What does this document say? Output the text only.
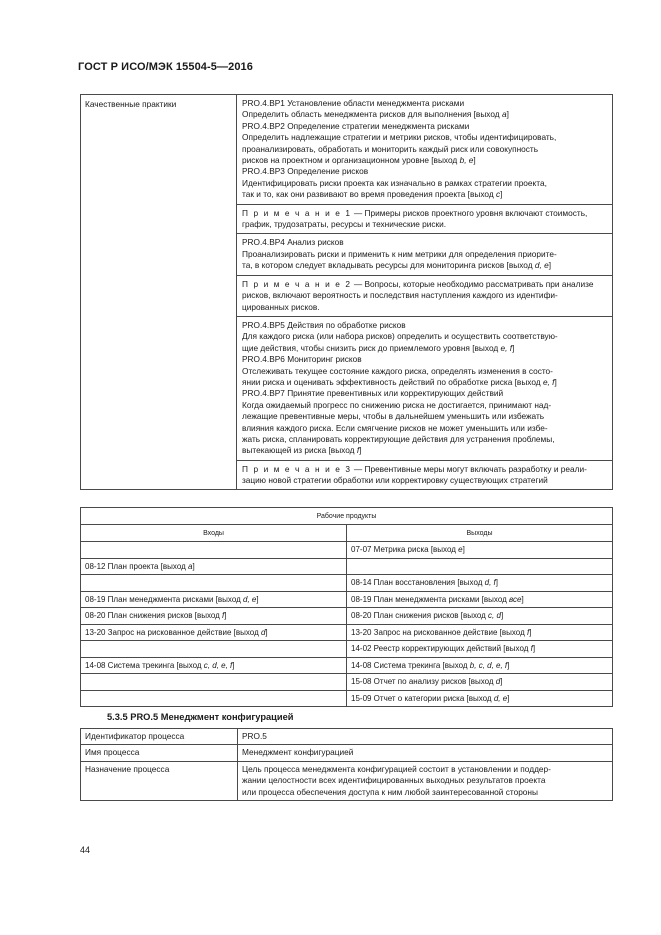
ГОСТ Р ИСО/МЭК 15504-5—2016
Качественные практики	PRO.4.BP1 Установление области менеджмента рисками

Определить область менеджмента рисков для выполнения [выход a]

PRO.4.BP2 Определение стратегии менеджмента рисками

Определить надлежащие стратегии и метрики рисков, чтобы идентифицировать,

проанализировать, обработать и мониторить каждый риск или совокупность

рисков на проектном и организационном уровне [выход b, e]

PRO.4.BP3 Определение рисков

Идентифицировать риски проекта как изначально в рамках стратегии проекта,

так и то, как они развивают во время проведения проекта [выход c]

П р и м е ч а н и е 1 — Примеры рисков проектного уровня включают стоимость,

график, трудозатраты, ресурсы и технические риски.

PRO.4.BP4 Анализ рисков

Проанализировать риски и применить к ним метрики для определения приорите-

та, в котором следует вкладывать ресурсы для мониторинга рисков [выход d, e]

П р и м е ч а н и е 2 — Вопросы, которые необходимо рассматривать при анализе

рисков, включают вероятность и последствия наступления каждого из идентифи-

цированных рисков.

PRO.4.BP5 Действия по обработке рисков

Для каждого риска (или набора рисков) определить и осуществить соответствую-

щие действия, чтобы снизить риск до приемлемого уровня [выход e, f]

PRO.4.BP6 Мониторинг рисков

Отслеживать текущее состояние каждого риска, определять изменения в состо-

янии риска и оценивать эффективность действий по обработке риска [выход e, f]

PRO.4.BP7 Принятие превентивных или корректирующих действий

Когда ожидаемый прогресс по снижению риска не достигается, принимают над-

лежащие превентивные меры, чтобы в дальнейшем уменьшить или избежать

влияния каждого риска. Если смягчение рисков не может уменьшить или избе-

жать риска, спланировать корректирующие действия для устранения проблемы,

вытекающей из риска [выход f]

П р и м е ч а н и е 3 — Превентивные меры могут включать разработку и реали-

зацию новой стратегии обработки или корректировку существующих стратегий

Рабочие продукты	
Входы	Выходы
	07-07 Метрика риска [выход e]
08-12 План проекта [выход a]	
	08-14 План восстановления [выход d, f]
08-19 План менеджмента рисками [выход d, e]	08-19 План менеджмента рисками [выход все]
08-20 План снижения рисков [выход f]	08-20 План снижения рисков [выход c, d]
13-20 Запрос на рискованное действие [выход d]	13-20 Запрос на рискованное действие [выход f]
	14-02 Реестр корректирующих действий [выход f]
14-08 Система трекинга [выход c, d, e, f]	14-08 Система трекинга [выход b, c, d, e, f]
	15-08 Отчет по анализу рисков [выход d]
	15-09 Отчет о категории риска [выход d, e]
5.3.5 PRO.5 Менеджмент конфигурацией
Идентификатор процесса	PRO.5
Имя процесса	Менеджмент конфигурацией
Назначение процесса	Цель процесса менеджмента конфигурацией состоит в установлении и поддер-
жании целостности всех идентифицированных выходных результатов проекта
или процесса обеспечения доступа к ним любой заинтересованной стороны
44
